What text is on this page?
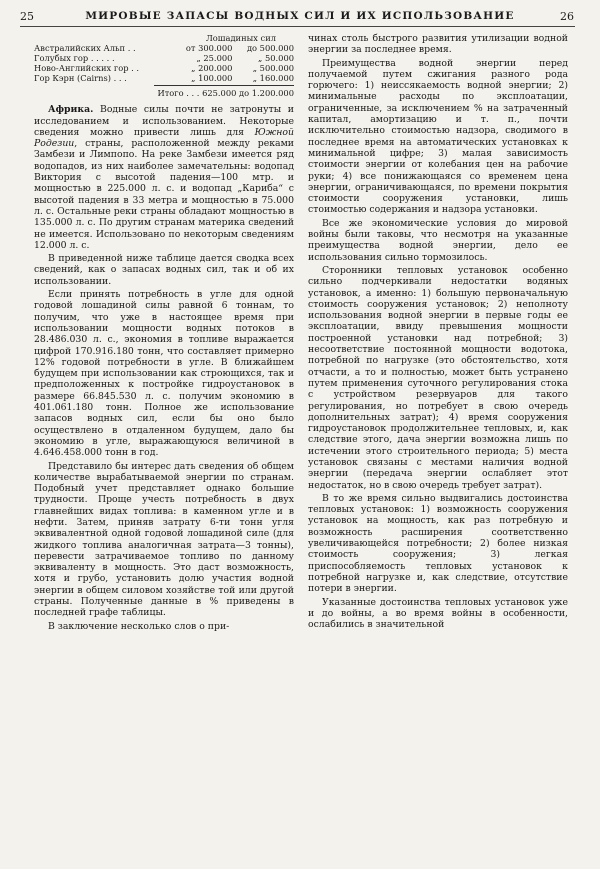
25	МИРОВЫЕ ЗАПАСЫ ВОДНЫХ СИЛ И ИХ ИСПОЛЬЗОВАНИЕ	26
Лошадиных сил		
Австралийских Альп . .	от 300.000	до 500.000
Голубых гор . . . . .	„ 25.000	„ 50.000
Ново-Английских гор . .	„ 200.000	„ 500.000
Гор Кэрн (Cairns) . . .	„ 100.000	„ 160.000
Итого . . . 625.000 до 1.200.000

Африка. Водные силы почти не затронуты и исследованием и использованием. Некоторые сведения можно привести лишь для Южной Родезии, страны, расположенной между реками Замбези и Лимпопо. На реке Замбези имеется ряд водопадов, из них наиболее замечательны: водопад Виктория с высотой падения—100 мтр. и мощностью в 225.000 л. с. и водопад „Кариба“ с высотой падения в 33 метра и мощностью в 75.000 л. с. Остальные реки страны обладают мощностью в 135.000 л. с. По другим странам материка сведений не имеется. Использовано по некоторым сведениям 12.000 л. с.

В приведенной ниже таблице дается сводка всех сведений, как о запасах водных сил, так и об их использовании.

Если принять потребность в угле для одной годовой лошадиной силы равной 6 тоннам, то получим, что уже в настоящее время при использовании мощности водных потоков в 28.486.030 л. с., экономия в топливе выражается цифрой 170.916.180 тонн, что составляет примерно 12% годовой потребности в угле. В ближайшем будущем при использовании как строющихся, так и предположенных к постройке гидроустановок в размере 66.845.530 л. с. получим экономию в 401.061.180 тонн. Полное же использование запасов водных сил, если бы оно было осуществлено в отдаленном будущем, дало бы экономию в угле, выражающуюся величиной в 4.646.458.000 тонн в год.

Представило бы интерес дать сведения об общем количестве вырабатываемой энергии по странам. Подобный учет представляет однако большие трудности. Проще учесть потребность в двух главнейших видах топлива: в каменном угле и в нефти. Затем, приняв затрату 6-ти тонн угля эквивалентной одной годовой лошадиной силе (для жидкого топлива аналогичная затрата—3 тонны), перевести затрачиваемое топливо по данному эквиваленту в мощность. Это даст возможность, хотя и грубо, установить долю участия водной энергии в общем силовом хозяйстве той или другой страны. Полученные данные в % приведены в последней графе таблицы.

В заключение несколько слов о при-

чинах столь быстрого развития утилизации водной энергии за последнее время.

Преимущества водной энергии перед получаемой путем сжигания разного рода горючего: 1) неиссякаемость водной энергии; 2) минимальные расходы по эксплоатации, ограниченные, за исключением % на затраченный капитал, амортизацию и т. п., почти исключительно стоимостью надзора, сводимого в последнее время на автоматических установках к минимальной цифре; 3) малая зависимость стоимости энергии от колебания цен на рабочие руки; 4) все понижающаяся со временем цена энергии, ограничивающаяся, по времени покрытия стоимости сооружения установки, лишь стоимостью содержания и надзора установки.

Все же экономические условия до мировой войны были таковы, что несмотря на указанные преимущества водной энергии, дело ее использования сильно тормозилось.

Сторонники тепловых установок особенно сильно подчеркивали недостатки водяных установок, а именно: 1) большую первоначальную стоимость сооружения установок; 2) неполноту использования водной энергии в первые годы ее эксплоатации, ввиду превышения мощности построенной установки над потребной; 3) несоответствие постоянной мощности водотока, потребной по нагрузке (это обстоятельство, хотя отчасти, а то и полностью, может быть устранено путем применения суточного регулирования стока с устройством резервуаров для такого регулирования, но потребует в свою очередь дополнительных затрат); 4) время сооружения гидроустановок продолжительнее тепловых, и, как следствие этого, дача энергии возможна лишь по истечении этого строительного периода; 5) места установок связаны с местами наличия водной энергии (передача энергии ослабляет этот недостаток, но в свою очередь требует затрат).

В то же время сильно выдвигались достоинства тепловых установок: 1) возможность сооружения установок на мощность, как раз потребную и возможность расширения соответственно увеличивающейся потребности; 2) более низкая стоимость сооружения; 3) легкая приспособляемость тепловых установок к потребной нагрузке и, как следствие, отсутствие потери в энергии.

Указанные достоинства тепловых установок уже и до войны, а во время войны в особенности, ослабились в значительной
